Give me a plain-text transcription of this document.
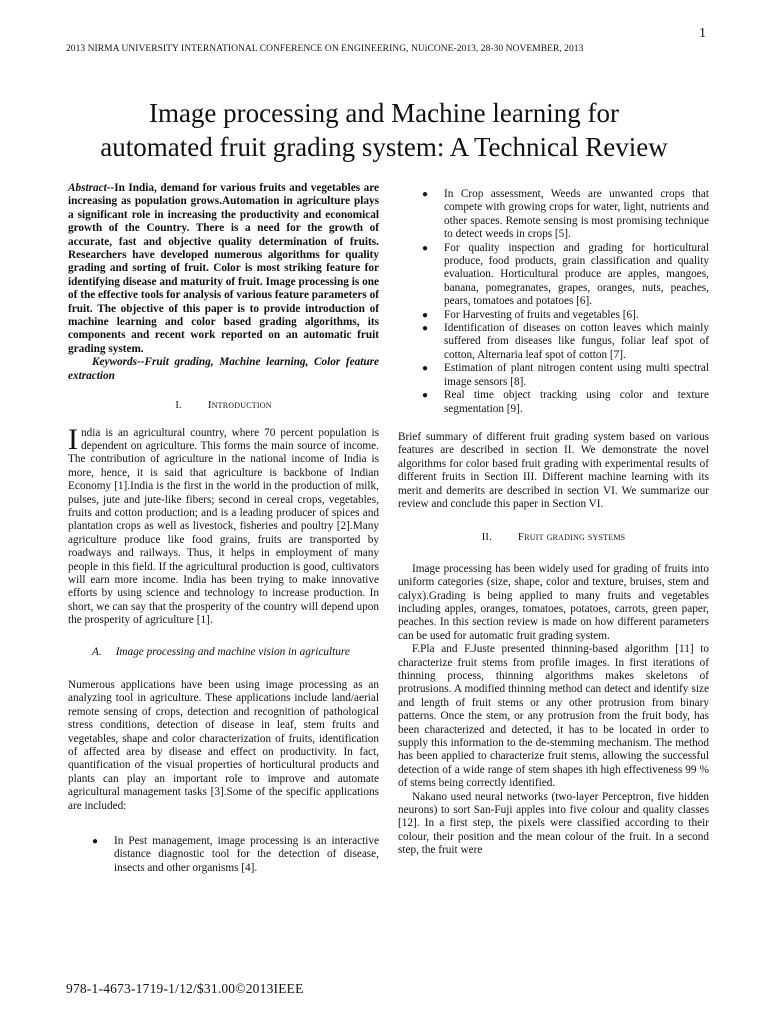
1
2013 NIRMA UNIVERSITY INTERNATIONAL CONFERENCE ON ENGINEERING, NUiCONE-2013, 28-30 NOVEMBER, 2013
Image processing and Machine learning for
automated fruit grading system: A Technical Review

Abstract--In India, demand for various fruits and vegetables are increasing as population grows.Automation in agriculture plays a significant role in increasing the productivity and economical growth of the Country. There is a need for the growth of accurate, fast and objective quality determination of fruits. Researchers have developed numerous algorithms for quality grading and sorting of fruit. Color is most striking feature for identifying disease and maturity of fruit. Image processing is one of the effective tools for analysis of various feature parameters of fruit. The objective of this paper is to provide introduction of machine learning and color based grading algorithms, its components and recent work reported on an automatic fruit grading system.

Keywords--Fruit grading, Machine learning, Color feature extraction

I. Introduction

India is an agricultural country, where 70 percent population is dependent on agriculture. This forms the main source of income. The contribution of agriculture in the national income of India is more, hence, it is said that agriculture is backbone of Indian Economy [1].India is the first in the world in the production of milk, pulses, jute and jute-like fibers; second in cereal crops, vegetables, fruits and cotton production; and is a leading producer of spices and plantation crops as well as livestock, fisheries and poultry [2].Many agriculture produce like food grains, fruits are transported by roadways and railways. Thus, it helps in employment of many people in this field. If the agricultural production is good, cultivators will earn more income. India has been trying to make innovative efforts by using science and technology to increase production. In short, we can say that the prosperity of the country will depend upon the prosperity of agriculture [1].

A. Image processing and machine vision in agriculture

Numerous applications have been using image processing as an analyzing tool in agriculture. These applications include land/aerial remote sensing of crops, detection and recognition of pathological stress conditions, detection of disease in leaf, stem fruits and vegetables, shape and color characterization of fruits, identification of affected area by disease and effect on productivity. In fact, quantification of the visual properties of horticultural products and plants can play an important role to improve and automate agricultural management tasks [3].Some of the specific applications are included:

● In Pest management, image processing is an interactive distance diagnostic tool for the detection of disease, insects and other organisms [4].
● In Crop assessment, Weeds are unwanted crops that compete with growing crops for water, light, nutrients and other spaces. Remote sensing is most promising technique to detect weeds in crops [5].
● For quality inspection and grading for horticultural produce, food products, grain classification and quality evaluation. Horticultural produce are apples, mangoes, banana, pomegranates, grapes, oranges, nuts, peaches, pears, tomatoes and potatoes [6].
● For Harvesting of fruits and vegetables [6].
● Identification of diseases on cotton leaves which mainly suffered from diseases like fungus, foliar leaf spot of cotton, Alternaria leaf spot of cotton [7].
● Estimation of plant nitrogen content using multi spectral image sensors [8].
● Real time object tracking using color and texture segmentation [9].

Brief summary of different fruit grading system based on various features are described in section II. We demonstrate the novel algorithms for color based fruit grading with experimental results of different fruits in Section III. Different machine learning with its merit and demerits are described in section VI. We summarize our review and conclude this paper in Section VI.

II. Fruit grading systems

Image processing has been widely used for grading of fruits into uniform categories (size, shape, color and texture, bruises, stem and calyx).Grading is being applied to many fruits and vegetables including apples, oranges, tomatoes, potatoes, carrots, green paper, peaches. In this section review is made on how different parameters can be used for automatic fruit grading system.

F.Pla and F.Juste presented thinning-based algorithm [11] to characterize fruit stems from profile images. In first iterations of thinning process, thinning algorithms makes skeletons of protrusions. A modified thinning method can detect and identify size and length of fruit stems or any other protrusion from binary patterns. Once the stem, or any protrusion from the fruit body, has been characterized and detected, it has to be located in order to supply this information to the de-stemming mechanism. The method has been applied to characterize fruit stems, allowing the successful detection of a wide range of stem shapes ith high effectiveness 99 % of stems being correctly identified.

Nakano used neural networks (two-layer Perceptron, five hidden neurons) to sort San-Fuji apples into five colour and quality classes [12]. In a first step, the pixels were classified according to their colour, their position and the mean colour of the fruit. In a second step, the fruit were

978-1-4673-1719-1/12/$31.00©2013IEEE
